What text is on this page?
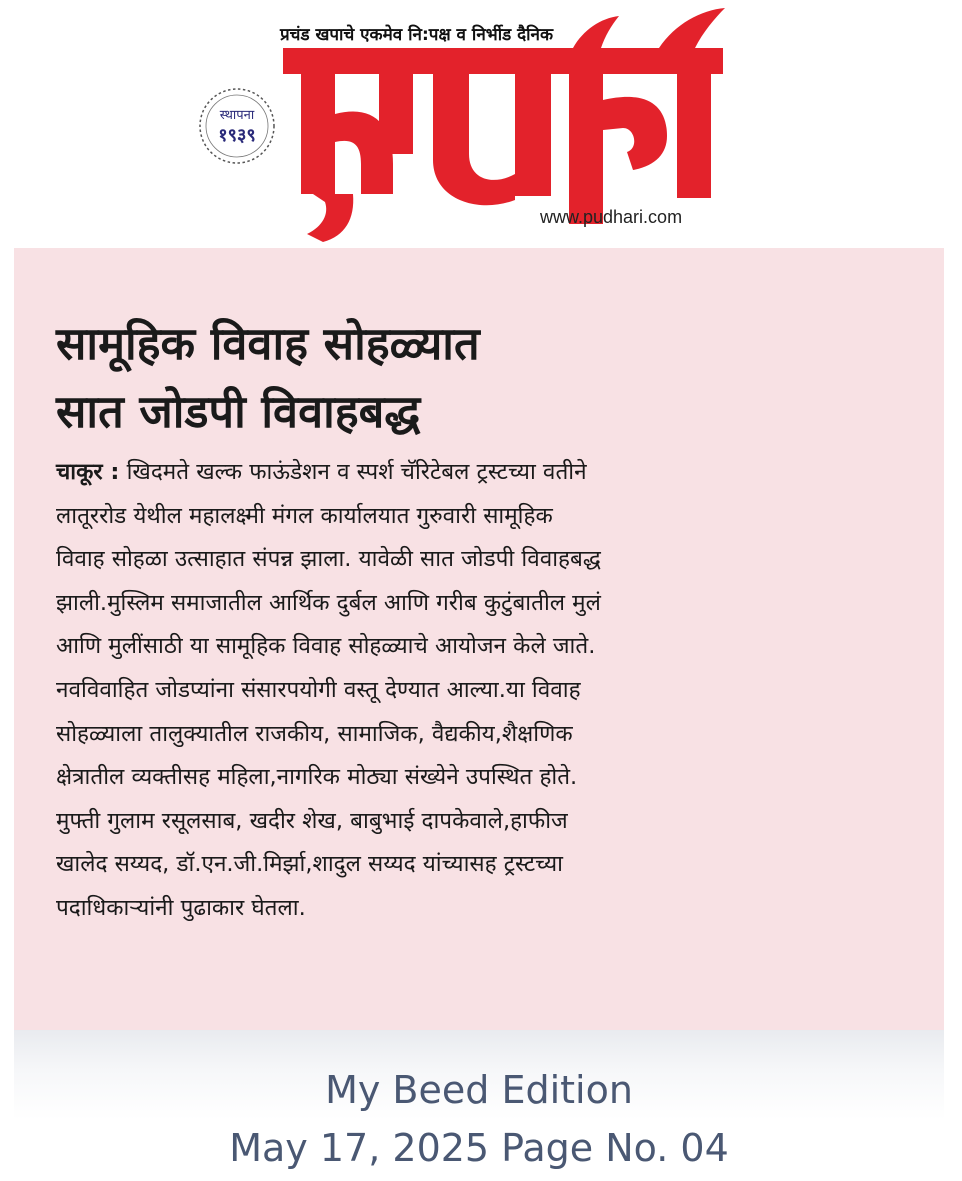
प्रचंड खपाचे एकमेव नि:पक्ष व निर्भीड दैनिक
स्थापना
१९३९
www.pudhari.com
सामूहिक विवाह सोहळ्यात
सात जोडपी विवाहबद्ध
चाकूर : खिदमते खल्क फाऊंडेशन व स्पर्श चॅरिटेबल ट्रस्टच्या वतीने
लातूररोड येथील महालक्ष्मी मंगल कार्यालयात गुरुवारी सामूहिक
विवाह सोहळा उत्साहात संपन्न झाला. यावेळी सात जोडपी विवाहबद्ध
झाली.मुस्लिम समाजातील आर्थिक दुर्बल आणि गरीब कुटुंबातील मुलं
आणि मुलींसाठी या सामूहिक विवाह सोहळ्याचे आयोजन केले जाते.
नवविवाहित जोडप्यांना संसारपयोगी वस्तू देण्यात आल्या.या विवाह
सोहळ्याला तालुक्यातील राजकीय, सामाजिक, वैद्यकीय,शैक्षणिक
क्षेत्रातील व्यक्तीसह महिला,नागरिक मोठ्या संख्येने उपस्थित होते.
मुफ्ती गुलाम रसूलसाब, खदीर शेख, बाबुभाई दापकेवाले,हाफीज
खालेद सय्यद, डॉ.एन.जी.मिर्झा,शादुल सय्यद यांच्यासह ट्रस्टच्या
पदाधिकाऱ्यांनी पुढाकार घेतला.
My Beed Edition
May 17, 2025 Page No. 04
